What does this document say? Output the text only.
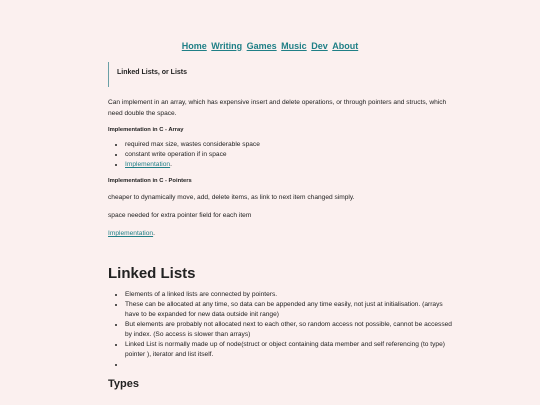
Home Writing Games Music Dev About
Linked Lists, or Lists

Can implement in an array, which has expensive insert and delete operations, or through pointers and structs, which need double the space.

Implementation in C - Array
• required max size, wastes considerable space
• constant write operation if in space
• Implementation.
Implementation in C - Pointers

cheaper to dynamically move, add, delete items, as link to next item changed simply.

space needed for extra pointer field for each item

Implementation.

Linked Lists
• Elements of a linked lists are connected by pointers.
• These can be allocated at any time, so data can be appended any time easily, not just at initialisation. (arrays have to be expanded for new data outside init range)
• But elements are probably not allocated next to each other, so random access not possible, cannot be accessed by index. (So access is slower than arrays)
• Linked List is normally made up of node(struct or object containing data member and self referencing (to type) pointer ), iterator and list itself.
•
Types
